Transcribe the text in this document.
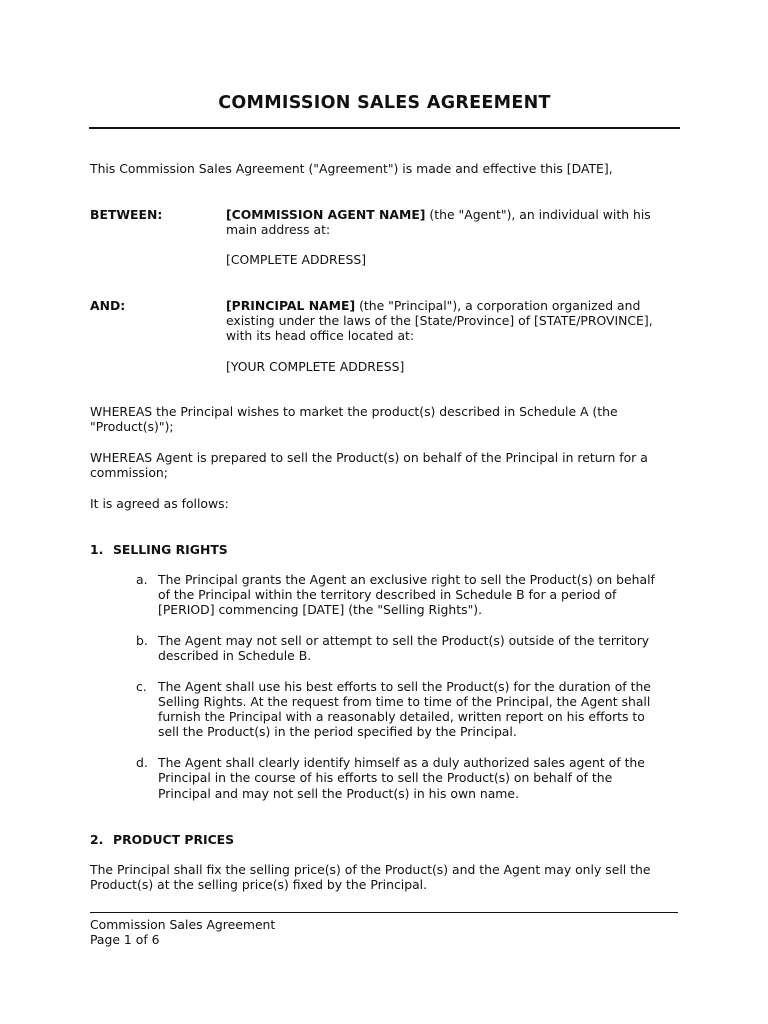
COMMISSION SALES AGREEMENT

This Commission Sales Agreement ("Agreement") is made and effective this [DATE],

BETWEEN:	[COMMISSION AGENT NAME] (the "Agent"), an individual with his

main address at:

[COMPLETE ADDRESS]

AND:	[PRINCIPAL NAME] (the "Principal"), a corporation organized and

existing under the laws of the [State/Province] of [STATE/PROVINCE],

with its head office located at:

[YOUR COMPLETE ADDRESS]

WHEREAS the Principal wishes to market the product(s) described in Schedule A (the

"Product(s)");

WHEREAS Agent is prepared to sell the Product(s) on behalf of the Principal in return for a

commission;

It is agreed as follows:

1. SELLING RIGHTS
a. The Principal grants the Agent an exclusive right to sell the Product(s) on behalf

of the Principal within the territory described in Schedule B for a period of

[PERIOD] commencing [DATE] (the "Selling Rights").

b. The Agent may not sell or attempt to sell the Product(s) outside of the territory

described in Schedule B.

c. The Agent shall use his best efforts to sell the Product(s) for the duration of the

Selling Rights. At the request from time to time of the Principal, the Agent shall

furnish the Principal with a reasonably detailed, written report on his efforts to

sell the Product(s) in the period specified by the Principal.

d. The Agent shall clearly identify himself as a duly authorized sales agent of the

Principal in the course of his efforts to sell the Product(s) on behalf of the

Principal and may not sell the Product(s) in his own name.

2. PRODUCT PRICES

The Principal shall fix the selling price(s) of the Product(s) and the Agent may only sell the

Product(s) at the selling price(s) fixed by the Principal.

Commission Sales Agreement
Page 1 of 6
